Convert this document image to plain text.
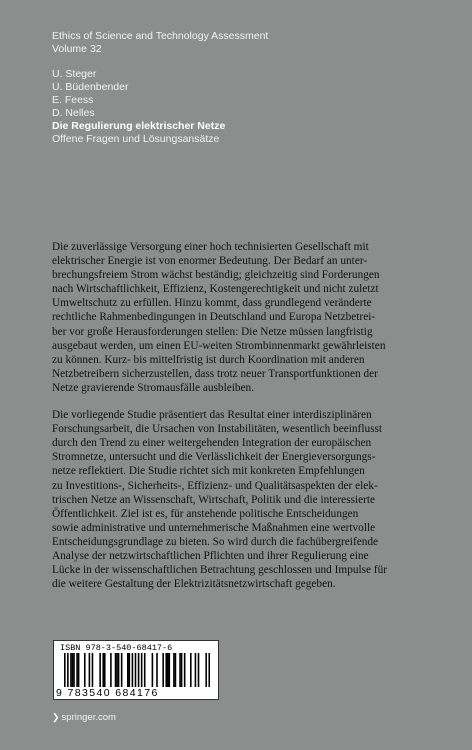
Ethics of Science and Technology Assessment
Volume 32
U. Steger
U. Büdenbender
E. Feess
D. Nelles
Die Regulierung elektrischer Netze
Offene Fragen und Lösungsansätze

Die zuverlässige Versorgung einer hoch technisierten Gesellschaft mit
elektrischer Energie ist von enormer Bedeutung. Der Bedarf an unter-
brechungsfreiem Strom wächst beständig; gleichzeitig sind Forderungen
nach Wirtschaftlichkeit, Effizienz, Kostengerechtigkeit und nicht zuletzt
Umweltschutz zu erfüllen. Hinzu kommt, dass grundlegend veränderte
rechtliche Rahmenbedingungen in Deutschland und Europa Netzbetrei-
ber vor große Herausforderungen stellen: Die Netze müssen langfristig
ausgebaut werden, um einen EU-weiten Strombinnenmarkt gewährleisten
zu können. Kurz- bis mittelfristig ist durch Koordination mit anderen
Netzbetreibern sicherzustellen, dass trotz neuer Transportfunktionen der
Netze gravierende Stromausfälle ausbleiben.

Die vorliegende Studie präsentiert das Resultat einer interdisziplinären
Forschungsarbeit, die Ursachen von Instabilitäten, wesentlich beeinflusst
durch den Trend zu einer weitergehenden Integration der europäischen
Stromnetze, untersucht und die Verlässlichkeit der Energieversorgungs-
netze reflektiert. Die Studie richtet sich mit konkreten Empfehlungen
zu Investitions-, Sicherheits-, Effizienz- und Qualitätsaspekten der elek-
trischen Netze an Wissenschaft, Wirtschaft, Politik und die interessierte
Öffentlichkeit. Ziel ist es, für anstehende politische Entscheidungen
sowie administrative und unternehmerische Maßnahmen eine wertvolle
Entscheidungsgrundlage zu bieten. So wird durch die fachübergreifende
Analyse der netzwirtschaftlichen Pflichten und ihrer Regulierung eine
Lücke in der wissenschaftlichen Betrachtung geschlossen und Impulse für
die weitere Gestaltung der Elektrizitätsnetzwirtschaft gegeben.

ISBN 978-3-540-68417-6
9 783540 684176
❯ springer.com
